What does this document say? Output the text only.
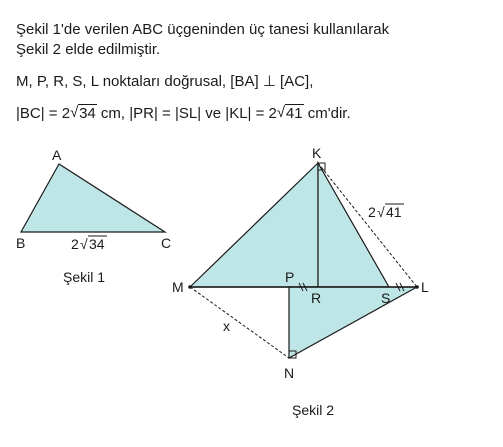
Şekil 1'de verilen ABC üçgeninden üç tanesi kullanılarak
Şekil 2 elde edilmiştir.
M, P, R, S, L noktaları doğrusal, [BA] ⊥ [AC],
|BC| = 2 √ 34 cm, |PR| = |SL| ve |KL| = 2 √ 41 cm'dir.
A
B	C
2 √ 34
K
M
P
R	S
L
N
x
2 √ 41
Şekil 1
Şekil 2
